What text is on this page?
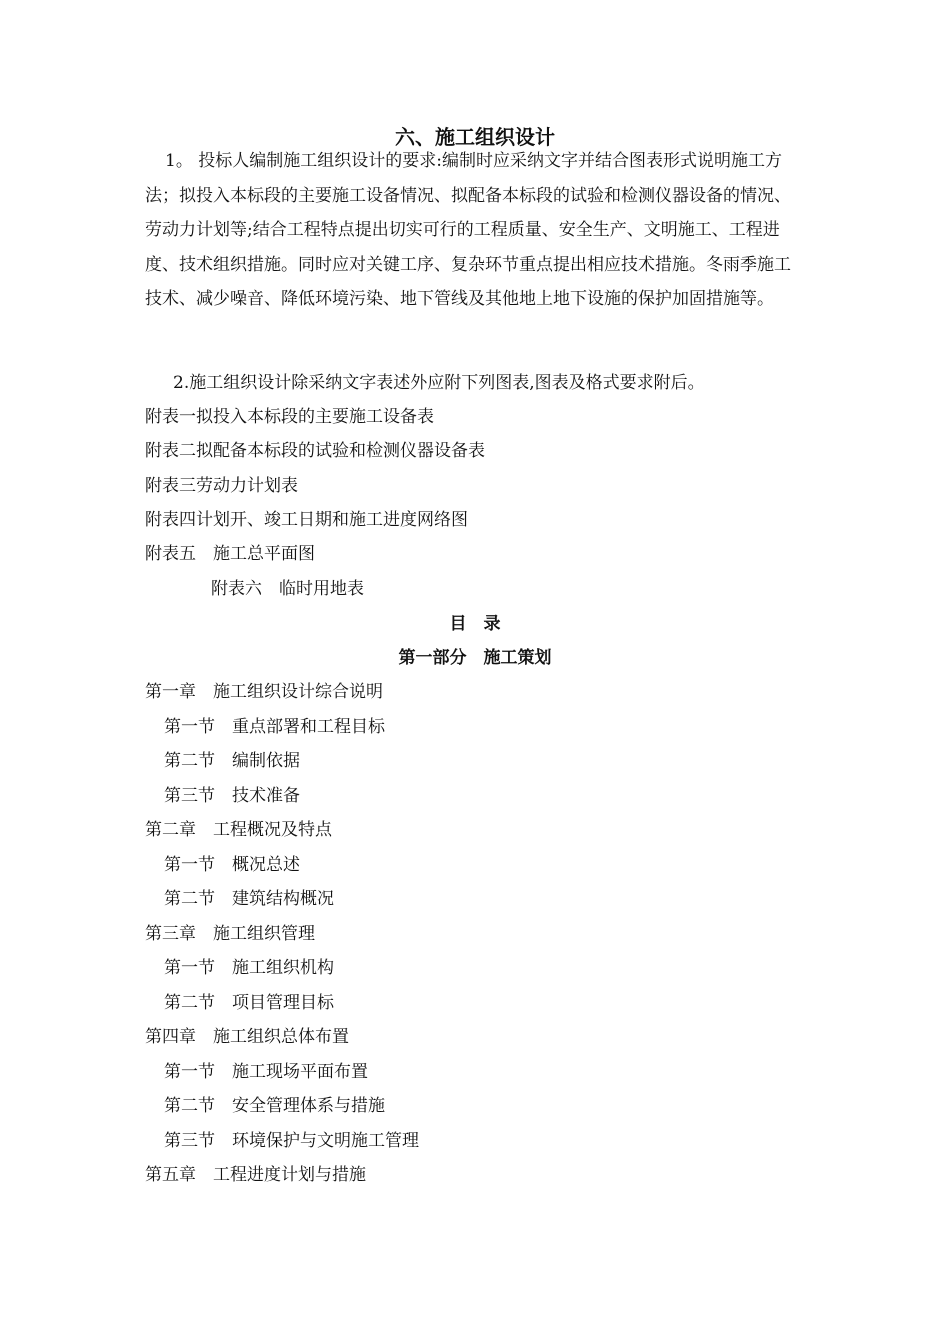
六、施工组织设计
1。 投标人编制施工组织设计的要求:编制时应采纳文字并结合图表形式说明施工方法；拟投入本标段的主要施工设备情况、拟配备本标段的试验和检测仪器设备的情况、劳动力计划等;结合工程特点提出切实可行的工程质量、安全生产、文明施工、工程进度、技术组织措施。同时应对关键工序、复杂环节重点提出相应技术措施。冬雨季施工技术、减少噪音、降低环境污染、地下管线及其他地上地下设施的保护加固措施等。
2.施工组织设计除采纳文字表述外应附下列图表,图表及格式要求附后。
附表一拟投入本标段的主要施工设备表
附表二拟配备本标段的试验和检测仪器设备表
附表三劳动力计划表
附表四计划开、竣工日期和施工进度网络图
附表五　施工总平面图
附表六　临时用地表
目　录
第一部分　施工策划
第一章　施工组织设计综合说明
第一节　重点部署和工程目标
第二节　编制依据
第三节　技术准备
第二章　工程概况及特点
第一节　概况总述
第二节　建筑结构概况
第三章　施工组织管理
第一节　施工组织机构
第二节　项目管理目标
第四章　施工组织总体布置
第一节　施工现场平面布置
第二节　安全管理体系与措施
第三节　环境保护与文明施工管理
第五章　工程进度计划与措施
